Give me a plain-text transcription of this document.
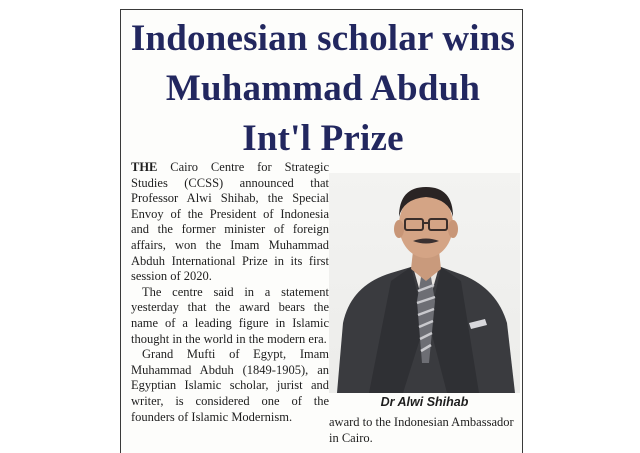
Indonesian scholar wins Muhammad Abduh Int'l Prize

THE Cairo Centre for Strategic Studies (CCSS) announced that Professor Alwi Shihab, the Special Envoy of the President of Indonesia and the former minister of foreign affairs, won the Imam Muhammad Abduh International Prize in its first session of 2020.

The centre said in a statement yesterday that the award bears the name of a leading figure in Islamic thought in the world in the modern era.

Grand Mufti of Egypt, Imam Muhammad Abduh (1849-1905), an Egyptian Islamic scholar, jurist and writer, is considered one of the founders of Islamic Modernism.

Dr Alwi Shihab

award to the Indonesian Ambassador in Cairo.
